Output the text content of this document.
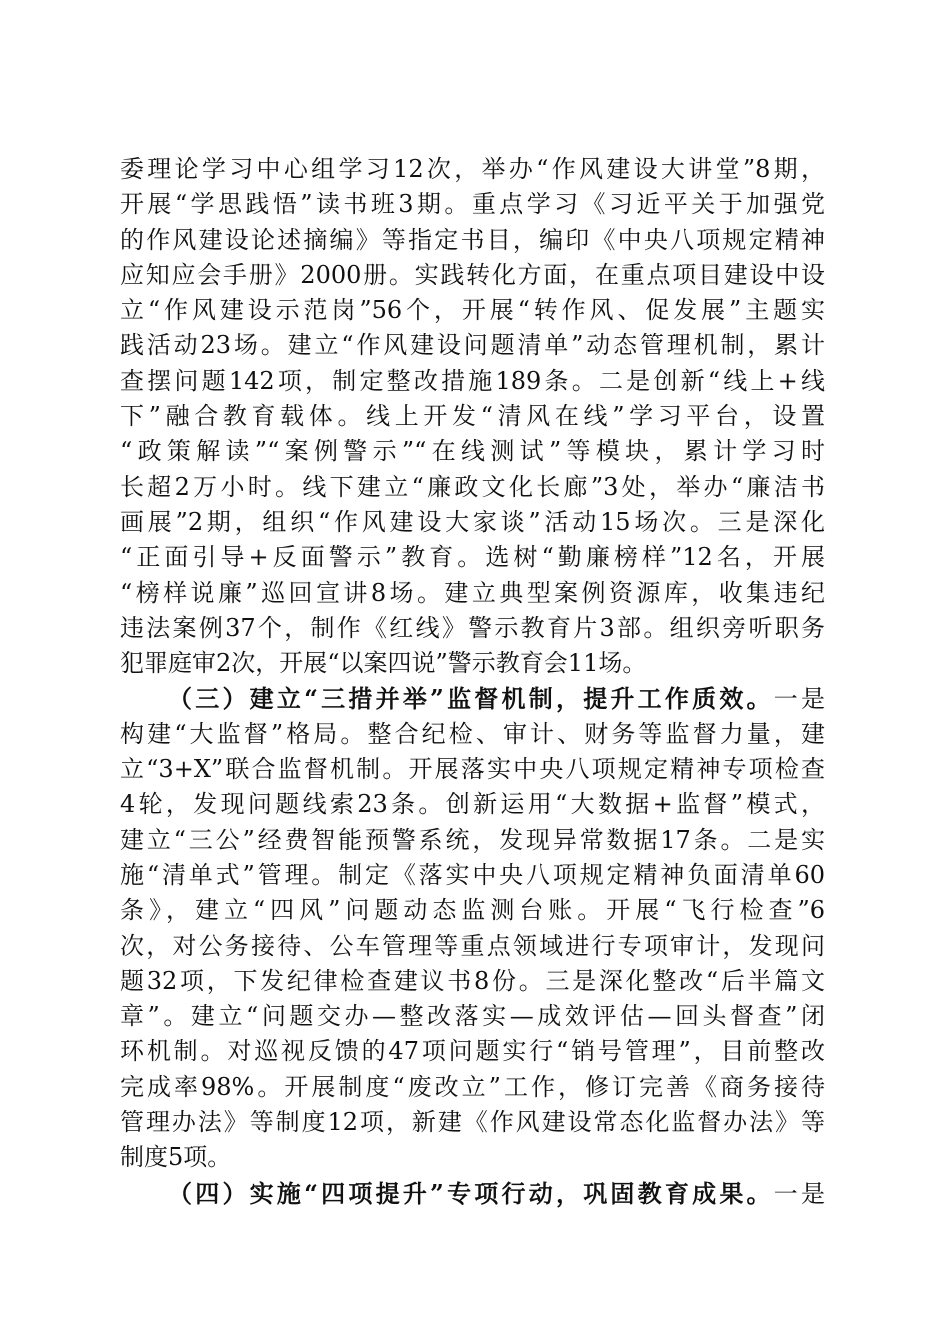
委理论学习中心组学习12次，举办“作风建设大讲堂”8期，
开展“学思践悟”读书班3期。重点学习《习近平关于加强党
的作风建设论述摘编》等指定书目，编印《中央八项规定精神
应知应会手册》2000册。实践转化方面，在重点项目建设中设
立“作风建设示范岗”56个，开展“转作风、促发展”主题实
践活动23场。建立“作风建设问题清单”动态管理机制，累计
查摆问题142项，制定整改措施189条。二是创新“线上+线
下”融合教育载体。线上开发“清风在线”学习平台，设置
“政策解读”“案例警示”“在线测试”等模块，累计学习时
长超2万小时。线下建立“廉政文化长廊”3处，举办“廉洁书
画展”2期，组织“作风建设大家谈”活动15场次。三是深化
“正面引导+反面警示”教育。选树“勤廉榜样”12名，开展
“榜样说廉”巡回宣讲8场。建立典型案例资源库，收集违纪
违法案例37个，制作《红线》警示教育片3部。组织旁听职务
犯罪庭审2次，开展“以案四说”警示教育会11场。
（三）建立“三措并举”监督机制，提升工作质效。一是
构建“大监督”格局。整合纪检、审计、财务等监督力量，建
立“3+X”联合监督机制。开展落实中央八项规定精神专项检查
4轮，发现问题线索23条。创新运用“大数据+监督”模式，
建立“三公”经费智能预警系统，发现异常数据17条。二是实
施“清单式”管理。制定《落实中央八项规定精神负面清单60
条》，建立“四风”问题动态监测台账。开展“飞行检查”6
次，对公务接待、公车管理等重点领域进行专项审计，发现问
题32项，下发纪律检查建议书8份。三是深化整改“后半篇文
章”。建立“问题交办—整改落实—成效评估—回头督查”闭
环机制。对巡视反馈的47项问题实行“销号管理”，目前整改
完成率98%。开展制度“废改立”工作，修订完善《商务接待
管理办法》等制度12项，新建《作风建设常态化监督办法》等
制度5项。
（四）实施“四项提升”专项行动，巩固教育成果。一是
